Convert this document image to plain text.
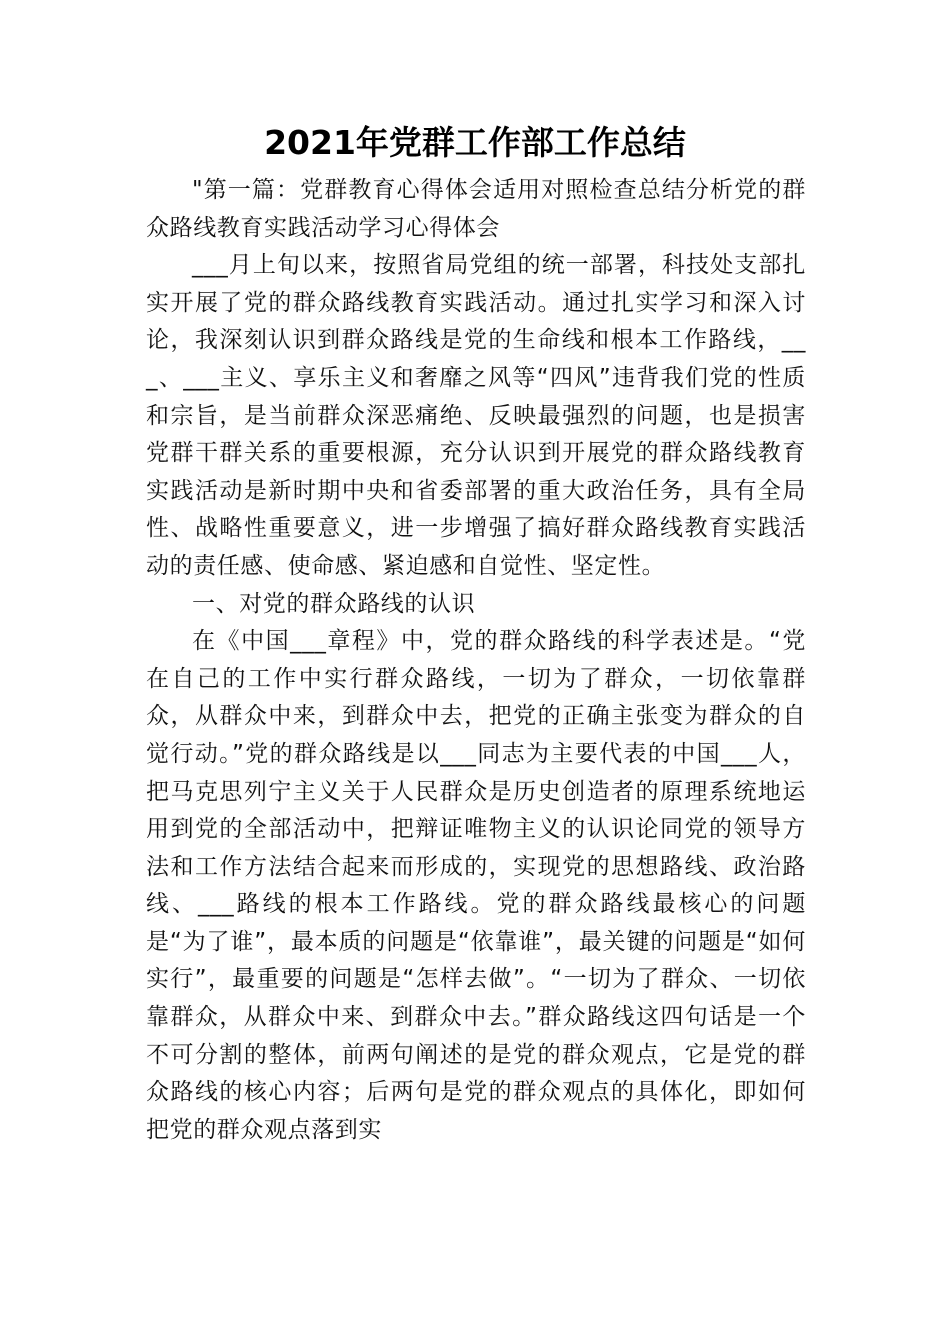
2021年党群工作部工作总结

"第一篇：党群教育心得体会适用对照检查总结分析党的群众路线教育实践活动学习心得体会

___月上旬以来，按照省局党组的统一部署，科技处支部扎实开展了党的群众路线教育实践活动。通过扎实学习和深入讨论，我深刻认识到群众路线是党的生命线和根本工作路线，___、___主义、享乐主义和奢靡之风等“四风”违背我们党的性质和宗旨，是当前群众深恶痛绝、反映最强烈的问题，也是损害党群干群关系的重要根源，充分认识到开展党的群众路线教育实践活动是新时期中央和省委部署的重大政治任务，具有全局性、战略性重要意义，进一步增强了搞好群众路线教育实践活动的责任感、使命感、紧迫感和自觉性、坚定性。

一、对党的群众路线的认识

在《中国___章程》中，党的群众路线的科学表述是。“党在自己的工作中实行群众路线，一切为了群众，一切依靠群众，从群众中来，到群众中去，把党的正确主张变为群众的自觉行动。”党的群众路线是以___同志为主要代表的中国___人，把马克思列宁主义关于人民群众是历史创造者的原理系统地运用到党的全部活动中，把辩证唯物主义的认识论同党的领导方法和工作方法结合起来而形成的，实现党的思想路线、政治路线、___路线的根本工作路线。党的群众路线最核心的问题是“为了谁”，最本质的问题是“依靠谁”，最关键的问题是“如何实行”，最重要的问题是“怎样去做”。“一切为了群众、一切依靠群众，从群众中来、到群众中去。”群众路线这四句话是一个不可分割的整体，前两句阐述的是党的群众观点，它是党的群众路线的核心内容；后两句是党的群众观点的具体化，即如何把党的群众观点落到实
